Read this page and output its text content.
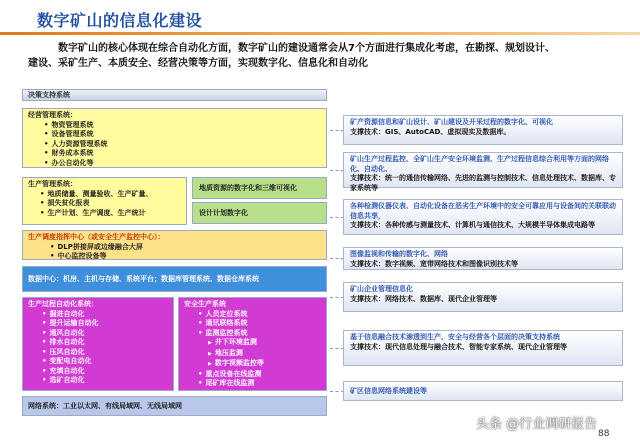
数字矿山的信息化建设
数字矿山的核心体现在综合自动化方面，数字矿山的建设通常会从7个方面进行集成化考虑，在勘探、规划设计、
建设、采矿生产、本质安全、经营决策等方面，实现数字化、信息化和自动化
决策支持系统
经营管理系统：
• 物资管理系统
• 设备管理系统
• 人力资源管理系统
• 财务成本系统
• 办公自动化等
生产管理系统：
• 地质储量、测量验收、生产矿量、
• 损失贫化报表
• 生产计划、生产调度、生产统计
地质资源的数字化和三维可视化
设计计划数字化
生产调度指挥中心（或安全生产监控中心）：
• DLP拼接屏或边缘融合大屏
• 中心监控设备等
数据中心：机房、主机与存储、系统平台；数据库管理系统、数据仓库系统
生产过程自动化系统：
• 掘进自动化
• 提升运输自动化
• 通风自动化
• 排水自动化
• 压风自动化
• 变配电自动化
• 充填自动化
• 选矿自动化
安全生产系统
• 人员定位系统
• 通讯联络系统
• 监测监控系统
▶ 井下环境监测
▶ 地压监测
▶ 数字视频监控等
• 重点设备在线监测
• 尾矿库在线监测
网络系统：工业以太网、有线局域网、无线局域网
矿产资源信息和矿山设计、矿山建设及开采过程的数字化、可视化
支撑技术：GIS、AutoCAD、虚拟现实及数据库。
矿山生产过程监控、全矿山生产安全环境监测、生产过程信息综合利用等方面的网络化、自动化、
支撑技术：统一的通信传输网络、先进的监测与控制技术、信息处理技术、数据库、专家系统等
各种检测仪器仪表、自动化设备在恶劣生产环境中的安全可靠应用与设备间的关联联动信息共享，
支撑技术：各种传感与测量技术、计算机与通信技术、大规模半导体集成电路等
图像监视和传输的数字化、网络
支撑技术：数字视频、宽带网络技术和图像识别技术等
矿山企业管理信息化
支撑技术：网络技术、数据库、现代企业管理等
基于信息融合技术渗透到生产、安全与经营各个层面的决策支持系统
支撑技术：现代信息处理与融合技术、智能专家系统、现代企业管理等
矿区信息网络系统建设等
头条 @行业调研报告
88
